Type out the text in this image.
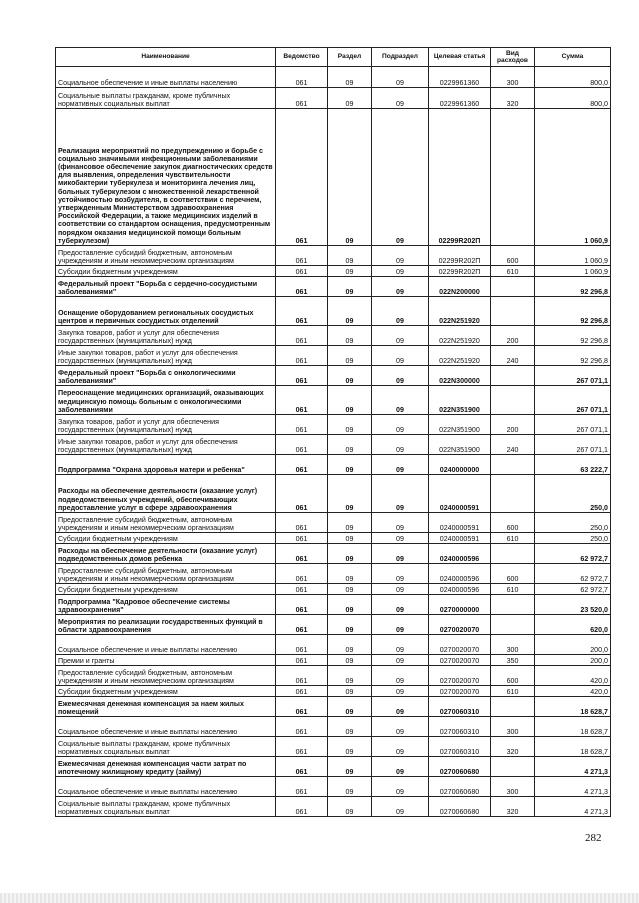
Наименование	Ведомство	Раздел	Подраздел	Целевая статья	Вид расходов	Сумма
Социальное обеспечение и иные выплаты населению	061	09	09	0229961360	300	800,0
Социальные выплаты гражданам, кроме публичных нормативных социальных выплат	061	09	09	0229961360	320	800,0
Реализация мероприятий по предупреждению и борьбе с социально значимыми инфекционными заболеваниями (финансовое обеспечение закупок диагностических средств для выявления, определения чувствительности микобактерии туберкулеза и мониторинга лечения лиц, больных туберкулезом с множественной лекарственной устойчивостью возбудителя, в соответствии с перечнем, утвержденным Министерством здравоохранения Российской Федерации, а также медицинских изделий в соответствии со стандартом оснащения, предусмотренным порядком оказания медицинской помощи больным туберкулезом)	061	09	09	02299R202П		1 060,9
Предоставление субсидий бюджетным, автономным учреждениям и иным некоммерческим организациям	061	09	09	02299R202П	600	1 060,9
Субсидии бюджетным учреждениям	061	09	09	02299R202П	610	1 060,9
Федеральный проект "Борьба с сердечно-сосудистыми заболеваниями"	061	09	09	022N200000		92 296,8
Оснащение оборудованием региональных сосудистых центров и первичных сосудистых отделений	061	09	09	022N251920		92 296,8
Закупка товаров, работ и услуг для обеспечения государственных (муниципальных) нужд	061	09	09	022N251920	200	92 296,8
Иные закупки товаров, работ и услуг для обеспечения государственных (муниципальных) нужд	061	09	09	022N251920	240	92 296,8
Федеральный проект "Борьба с онкологическими заболеваниями"	061	09	09	022N300000		267 071,1
Переоснащение медицинских организаций, оказывающих медицинскую помощь больным с онкологическими заболеваниями	061	09	09	022N351900		267 071,1
Закупка товаров, работ и услуг для обеспечения государственных (муниципальных) нужд	061	09	09	022N351900	200	267 071,1
Иные закупки товаров, работ и услуг для обеспечения государственных (муниципальных) нужд	061	09	09	022N351900	240	267 071,1
Подпрограмма "Охрана здоровья матери и ребенка"	061	09	09	0240000000		63 222,7
Расходы на обеспечение деятельности (оказание услуг) подведомственных учреждений, обеспечивающих предоставление услуг в сфере здравоохранения	061	09	09	0240000591		250,0
Предоставление субсидий бюджетным, автономным учреждениям и иным некоммерческим организациям	061	09	09	0240000591	600	250,0
Субсидии бюджетным учреждениям	061	09	09	0240000591	610	250,0
Расходы на обеспечение деятельности (оказание услуг) подведомственных домов ребенка	061	09	09	0240000596		62 972,7
Предоставление субсидий бюджетным, автономным учреждениям и иным некоммерческим организациям	061	09	09	0240000596	600	62 972,7
Субсидии бюджетным учреждениям	061	09	09	0240000596	610	62 972,7
Подпрограмма "Кадровое обеспечение системы здравоохранения"	061	09	09	0270000000		23 520,0
Мероприятия по реализации государственных функций в области здравоохранения	061	09	09	0270020070		620,0
Социальное обеспечение и иные выплаты населению	061	09	09	0270020070	300	200,0
Премии и гранты	061	09	09	0270020070	350	200,0
Предоставление субсидий бюджетным, автономным учреждениям и иным некоммерческим организациям	061	09	09	0270020070	600	420,0
Субсидии бюджетным учреждениям	061	09	09	0270020070	610	420,0
Ежемесячная денежная компенсация за наем жилых помещений	061	09	09	0270060310		18 628,7
Социальное обеспечение и иные выплаты населению	061	09	09	0270060310	300	18 628,7
Социальные выплаты гражданам, кроме публичных нормативных социальных выплат	061	09	09	0270060310	320	18 628,7
Ежемесячная денежная компенсация части затрат по ипотечному жилищному кредиту (займу)	061	09	09	0270060680		4 271,3
Социальное обеспечение и иные выплаты населению	061	09	09	0270060680	300	4 271,3
Социальные выплаты гражданам, кроме публичных нормативных социальных выплат	061	09	09	0270060680	320	4 271,3
282
